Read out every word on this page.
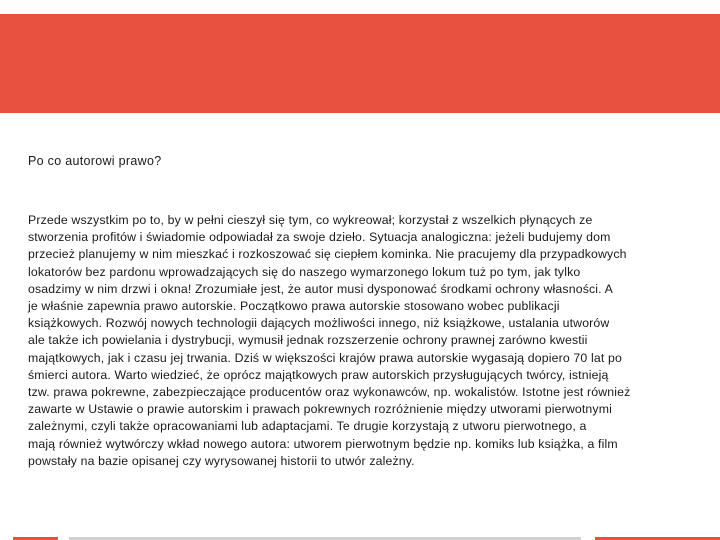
Po co autorowi prawo?

Przede wszystkim po to, by w pełni cieszył się tym, co wykreował; korzystał z wszelkich płynących ze
stworzenia profitów i świadomie odpowiadał za swoje dzieło. Sytuacja analogiczna: jeżeli budujemy dom
przecież planujemy w nim mieszkać i rozkoszować się ciepłem kominka. Nie pracujemy dla przypadkowych
lokatorów bez pardonu wprowadzających się do naszego wymarzonego lokum tuż po tym, jak tylko
osadzimy w nim drzwi i okna! Zrozumiałe jest, że autor musi dysponować środkami ochrony własności. A
je właśnie zapewnia prawo autorskie. Początkowo prawa autorskie stosowano wobec publikacji
książkowych. Rozwój nowych technologii dających możliwości innego, niż książkowe, ustalania utworów
ale także ich powielania i dystrybucji, wymusił jednak rozszerzenie ochrony prawnej zarówno kwestii
majątkowych, jak i czasu jej trwania. Dziś w większości krajów prawa autorskie wygasają dopiero 70 lat po
śmierci autora. Warto wiedzieć, że oprócz majątkowych praw autorskich przysługujących twórcy, istnieją
tzw. prawa pokrewne, zabezpieczające producentów oraz wykonawców, np. wokalistów. Istotne jest również
zawarte w Ustawie o prawie autorskim i prawach pokrewnych rozróżnienie między utworami pierwotnymi
zależnymi, czyli także opracowaniami lub adaptacjami. Te drugie korzystają z utworu pierwotnego, a
mają również wytwórczy wkład nowego autora: utworem pierwotnym będzie np. komiks lub książka, a film
powstały na bazie opisanej czy wyrysowanej historii to utwór zależny.
